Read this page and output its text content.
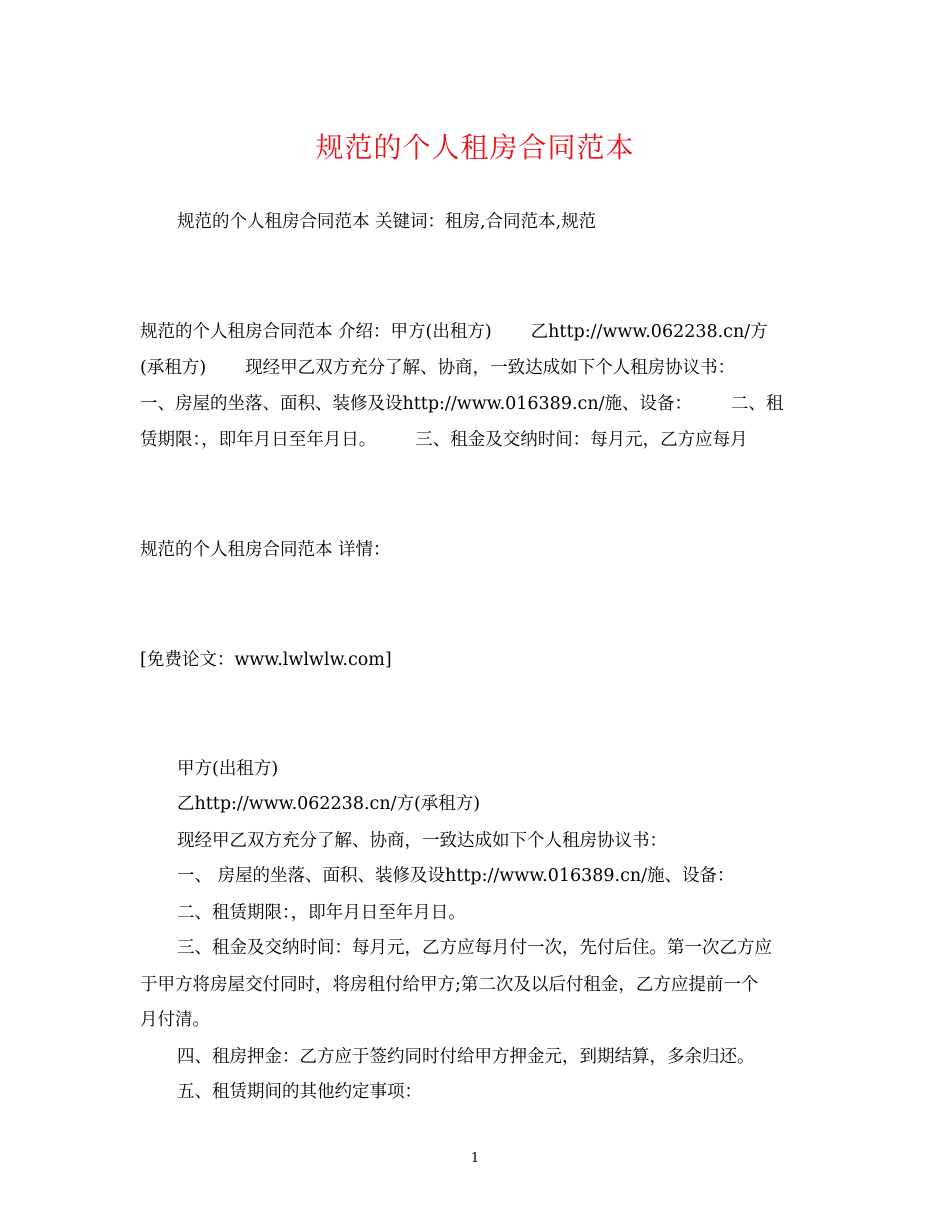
规范的个人租房合同范本
规范的个人租房合同范本 关键词：租房,合同范本,规范
规范的个人租房合同范本 介绍：甲方(出租方)       乙http://www.062238.cn/方
(承租方)       现经甲乙双方充分了解、协商，一致达成如下个人租房协议书：
一、房屋的坐落、面积、装修及设http://www.016389.cn/施、设备：       二、租
赁期限：，即年月日至年月日。       三、租金及交纳时间：每月元，乙方应每月
规范的个人租房合同范本 详情：
[免费论文：www.lwlwlw.com]
甲方(出租方)
乙http://www.062238.cn/方(承租方)
现经甲乙双方充分了解、协商，一致达成如下个人租房协议书：
一、 房屋的坐落、面积、装修及设http://www.016389.cn/施、设备：
二、租赁期限：，即年月日至年月日。
三、租金及交纳时间：每月元，乙方应每月付一次，先付后住。第一次乙方应
于甲方将房屋交付同时，将房租付给甲方;第二次及以后付租金，乙方应提前一个
月付清。
四、租房押金：乙方应于签约同时付给甲方押金元，到期结算，多余归还。
五、租赁期间的其他约定事项：
1
